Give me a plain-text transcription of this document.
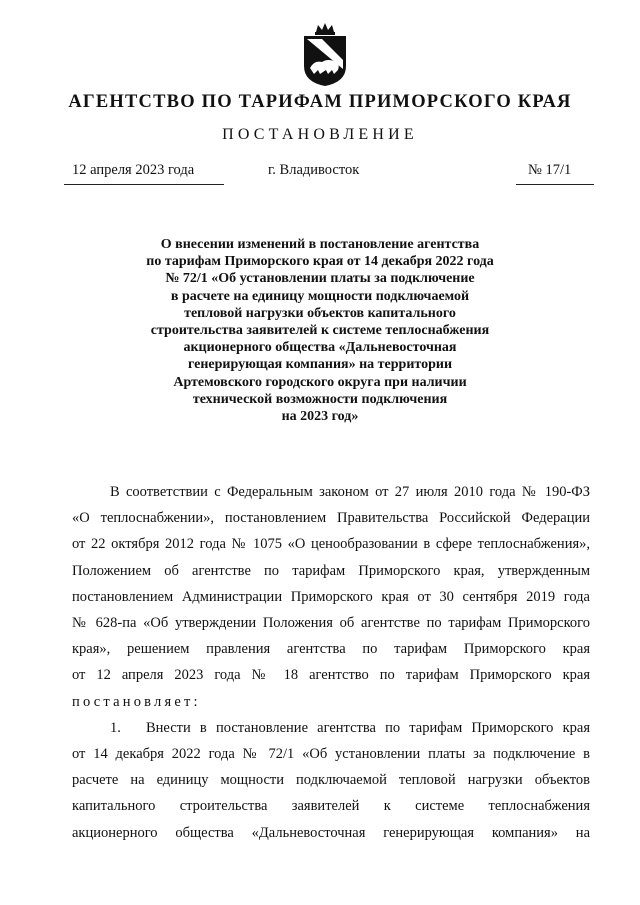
АГЕНТСТВО ПО ТАРИФАМ ПРИМОРСКОГО КРАЯ
ПОСТАНОВЛЕНИЕ
12 апреля 2023 года	г. Владивосток	№ 17/1
О внесении изменений в постановление агентства
по тарифам Приморского края от 14 декабря 2022 года
№ 72/1 «Об установлении платы за подключение
в расчете на единицу мощности подключаемой
тепловой нагрузки объектов капитального
строительства заявителей к системе теплоснабжения
акционерного общества «Дальневосточная
генерирующая компания» на территории
Артемовского городского округа при наличии
технической возможности подключения
на 2023 год»
В соответствии с Федеральным законом от 27 июля 2010 года № 190-ФЗ
«О теплоснабжении», постановлением Правительства Российской Федерации
от 22 октября 2012 года № 1075 «О ценообразовании в сфере теплоснабжения»,
Положением об агентстве по тарифам Приморского края, утвержденным
постановлением Администрации Приморского края от 30 сентября 2019 года
№ 628-па «Об утверждении Положения об агентстве по тарифам Приморского
края», решением правления агентства по тарифам Приморского края
от 12 апреля 2023 года № 18 агентство по тарифам Приморского края
постановляет:
1. Внести в постановление агентства по тарифам Приморского края
от 14 декабря 2022 года № 72/1 «Об установлении платы за подключение в
расчете на единицу мощности подключаемой тепловой нагрузки объектов
капитального строительства заявителей к системе теплоснабжения
акционерного общества «Дальневосточная генерирующая компания» на
